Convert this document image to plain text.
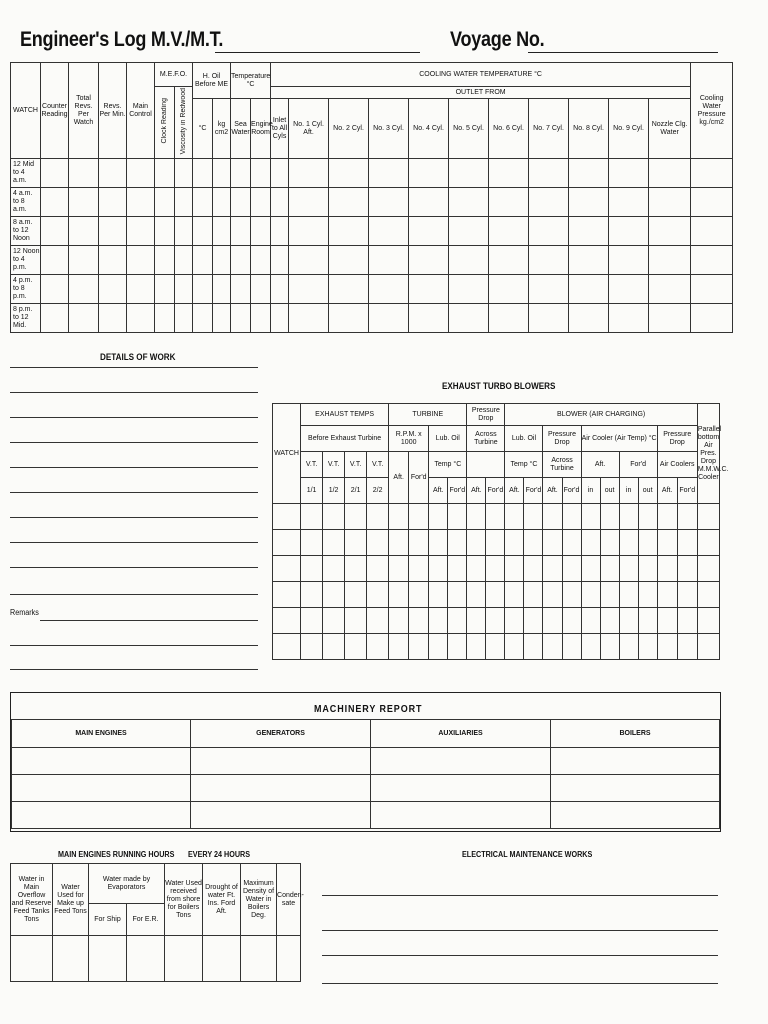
Engineer's Log M.V./M.T.	Voyage No.
WATCH	Counter Reading	Total Revs. Per Watch	Revs. Per Min.	Main Control	M.E.F.O.		H. Oil Before ME		Temperature °C		COOLING WATER TEMPERATURE °C											Cooling Water Pressure kg./cm2
					Clock Reading	Viscosity in Redwood					OUTLET FROM											
							°C	kg cm2	Sea Water	Engine Room	Inlet to All Cyls	No. 1 Cyl. Aft.	No. 2 Cyl.	No. 3 Cyl.	No. 4 Cyl.	No. 5 Cyl.	No. 6 Cyl.	No. 7 Cyl.	No. 8 Cyl.	No. 9 Cyl.	Nozzle Clg. Water	
12 Mid to 4 a.m.																						
4 a.m. to 8 a.m.																						
8 a.m. to 12 Noon																						
12 Noon to 4 p.m.																						
4 p.m. to 8 p.m.																						
8 p.m. to 12 Mid.																						
DETAILS OF WORK
Remarks
EXHAUST TURBO BLOWERS
WATCH	EXHAUST TEMPS				TURBINE				Pressure Drop		BLOWER (AIR CHARGING)										Parallel bottom Air Pres. Drop M.M.W.C. Cooler
	Before Exhaust Turbine				R.P.M. x 1000		Lub. Oil		Across Turbine		Lub. Oil		Pressure Drop		Air Cooler (Air Temp) °C				Pressure Drop		
	V.T.	V.T.	V.T.	V.T.	Aft.	For'd	Temp °C				Temp °C		Across Turbine		Aft.		For'd		Air Coolers		
	1/1	1/2	2/1	2/2			Aft.	For'd	Aft.	For'd	Aft.	For'd	Aft.	For'd	in	out	in	out	Aft.	For'd	

MACHINERY REPORT
MAIN ENGINES	GENERATORS	AUXILIARIES	BOILERS

MAIN ENGINES RUNNING HOURS EVERY 24 HOURS
Water in Main Overflow and Reserve Feed Tanks Tons	Water Used for Make up Feed Tons	Water made by Evaporators		Water Used received from shore for Boilers Tons	Drought of water Ft. Ins. Ford Aft.	Maximum Density of Water in Boilers Deg.	Conden-sate
		For Ship	For E.R.				

ELECTRICAL MAINTENANCE WORKS
